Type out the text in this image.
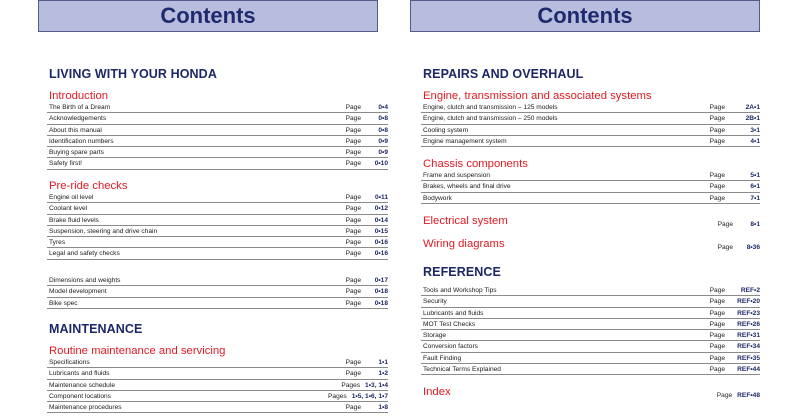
Contents
LIVING WITH YOUR HONDA
Introduction
The Birth of a Dream	Page	0•4
Acknowledgements	Page	0•8
About this manual	Page	0•8
Identification numbers	Page	0•9
Buying spare parts	Page	0•9
Safety first!	Page 0•10
Pre-ride checks
Engine oil level	Page 0•11
Coolant level	Page 0•12
Brake fluid levels	Page 0•14
Suspension, steering and drive chain	Page 0•15
Tyres	Page 0•16
Legal and safety checks	Page 0•16
Dimensions and weights	Page 0•17
Model development	Page 0•18
Bike spec	Page 0•18
MAINTENANCE
Routine maintenance and servicing
Specifications	Page	1•1
Lubricants and fluids	Page	1•2
Maintenance schedule	Pages 1•3, 1•4
Component locations	Pages 1•5, 1•6, 1•7
Maintenance procedures	Page	1•8
Contents
REPAIRS AND OVERHAUL
Engine, transmission and associated systems
Engine, clutch and transmission – 125 models	Page	2A•1
Engine, clutch and transmission – 250 models	Page	2B•1
Cooling system	Page	3•1
Engine management system	Page	4•1
Chassis components
Frame and suspension	Page	5•1
Brakes, wheels and final drive	Page	6•1
Bodywork	Page	7•1
Electrical system	Page	8•1
Wiring diagrams	Page 8•36
REFERENCE
Tools and Workshop Tips	Page REF•2
Security	Page REF•20
Lubricants and fluids	Page REF•23
MOT Test Checks	Page REF•26
Storage	Page REF•31
Conversion factors	Page REF•34
Fault Finding	Page REF•35
Technical Terms Explained	Page REF•44
Index	Page REF•48
